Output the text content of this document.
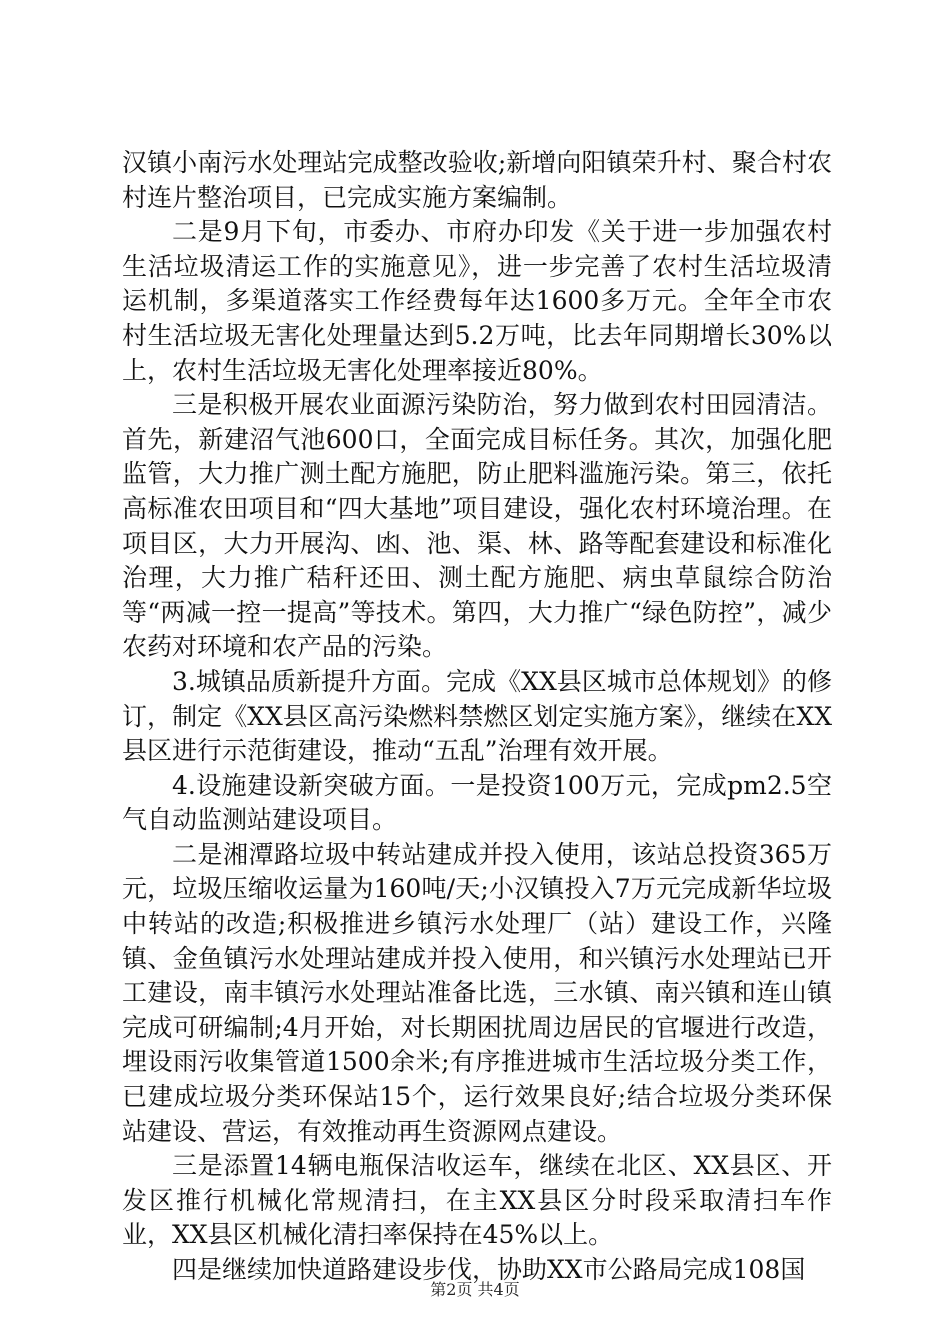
汉镇小南污水处理站完成整改验收;新增向阳镇荣升村、聚合村农村连片整治项目，已完成实施方案编制。

二是9月下旬，市委办、市府办印发《关于进一步加强农村生活垃圾清运工作的实施意见》，进一步完善了农村生活垃圾清运机制，多渠道落实工作经费每年达1600多万元。全年全市农村生活垃圾无害化处理量达到5.2万吨，比去年同期增长30%以上，农村生活垃圾无害化处理率接近80%。

三是积极开展农业面源污染防治，努力做到农村田园清洁。首先，新建沼气池600口，全面完成目标任务。其次，加强化肥监管，大力推广测土配方施肥，防止肥料滥施污染。第三，依托高标准农田项目和“四大基地”项目建设，强化农村环境治理。在项目区，大力开展沟、凼、池、渠、林、路等配套建设和标准化治理，大力推广秸秆还田、测土配方施肥、病虫草鼠综合防治等“两减一控一提高”等技术。第四，大力推广“绿色防控”，减少农药对环境和农产品的污染。

3.城镇品质新提升方面。完成《XX县区城市总体规划》的修订，制定《XX县区高污染燃料禁燃区划定实施方案》，继续在XX县区进行示范街建设，推动“五乱”治理有效开展。

4.设施建设新突破方面。一是投资100万元，完成pm2.5空气自动监测站建设项目。

二是湘潭路垃圾中转站建成并投入使用，该站总投资365万元，垃圾压缩收运量为160吨/天;小汉镇投入7万元完成新华垃圾中转站的改造;积极推进乡镇污水处理厂（站）建设工作，兴隆镇、金鱼镇污水处理站建成并投入使用，和兴镇污水处理站已开工建设，南丰镇污水处理站准备比选，三水镇、南兴镇和连山镇完成可研编制;4月开始，对长期困扰周边居民的官堰进行改造，埋设雨污收集管道1500余米;有序推进城市生活垃圾分类工作，已建成垃圾分类环保站15个，运行效果良好;结合垃圾分类环保站建设、营运，有效推动再生资源网点建设。

三是添置14辆电瓶保洁收运车，继续在北区、XX县区、开发区推行机械化常规清扫，在主XX县区分时段采取清扫车作业，XX县区机械化清扫率保持在45%以上。

四是继续加快道路建设步伐，协助XX市公路局完成108国

第2页 共4页
